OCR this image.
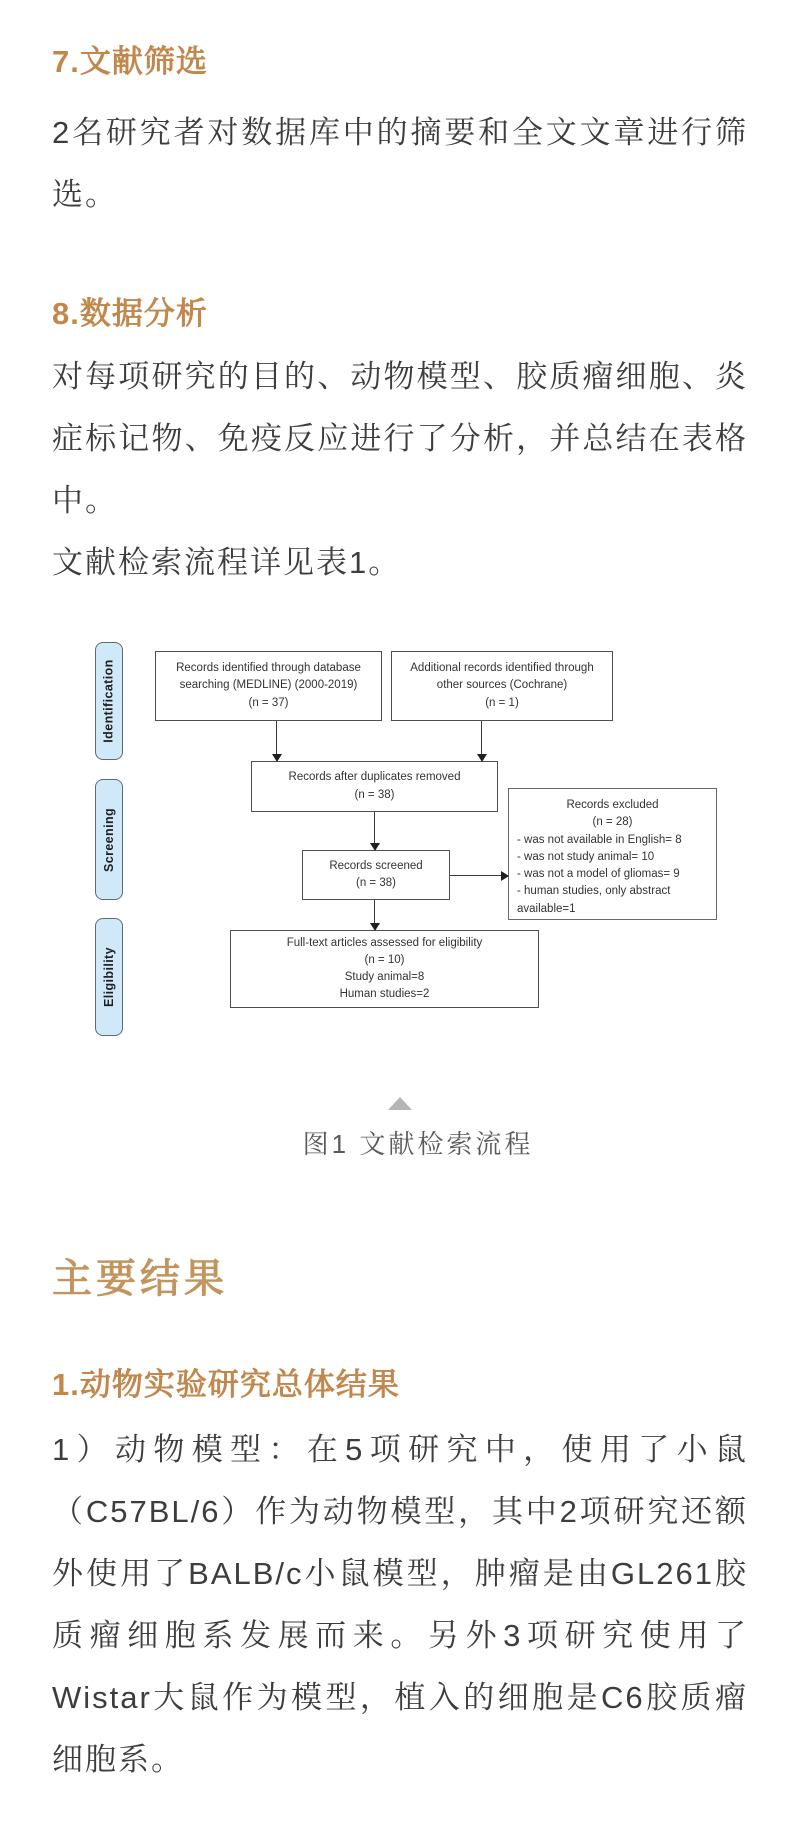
7.文献筛选

2名研究者对数据库中的摘要和全文文章进行筛选。

8.数据分析

对每项研究的目的、动物模型、胶质瘤细胞、炎症标记物、免疫反应进行了分析，并总结在表格中。

文献检索流程详见表1。

Identification
Screening
Eligibility
Records identified through database searching (MEDLINE) (2000-2019)
(n = 37)
Additional records identified through other sources (Cochrane)
(n = 1)
Records after duplicates removed
(n = 38)
Records screened
(n = 38)
Records excluded
(n = 28)
- was not available in English= 8
- was not study animal= 10
- was not a model of gliomas= 9
- human studies, only abstract available=1
Full-text articles assessed for eligibility
(n = 10)
Study animal=8
Human studies=2
图1 文献检索流程
主要结果
1.动物实验研究总体结果

1）动物模型：在5项研究中，使用了小鼠（C57BL/6）作为动物模型，其中2项研究还额外使用了BALB/c小鼠模型，肿瘤是由GL261胶质瘤细胞系发展而来。另外3项研究使用了Wistar大鼠作为模型，植入的细胞是C6胶质瘤细胞系。
